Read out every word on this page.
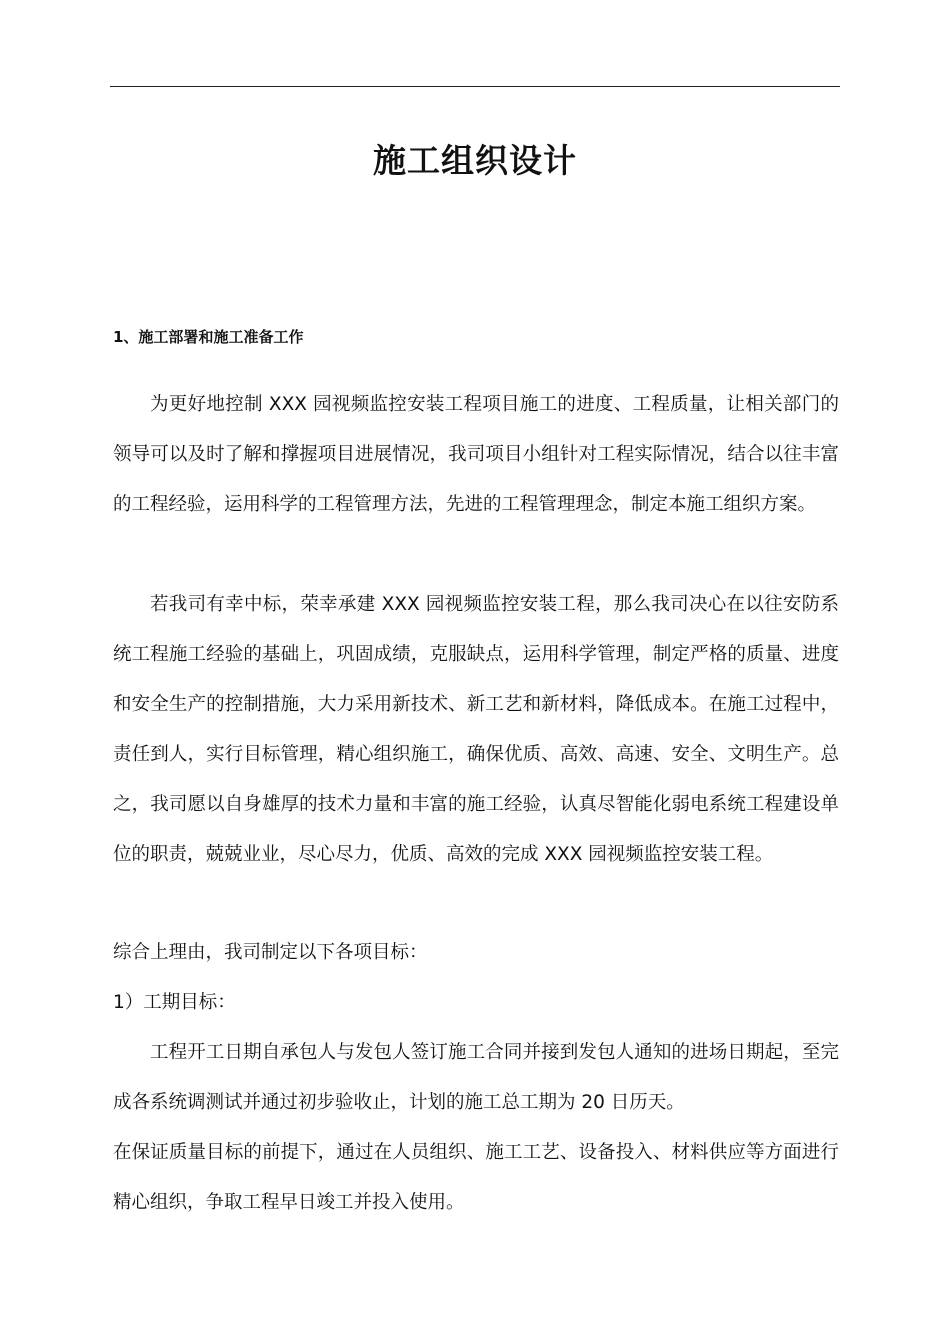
施工组织设计
1、施工部署和施工准备工作

为更好地控制 XXX 园视频监控安装工程项目施工的进度、工程质量，让相关部门的领导可以及时了解和撑握项目进展情况，我司项目小组针对工程实际情况，结合以往丰富的工程经验，运用科学的工程管理方法，先进的工程管理理念，制定本施工组织方案。

若我司有幸中标，荣幸承建 XXX 园视频监控安装工程，那么我司决心在以往安防系统工程施工经验的基础上，巩固成绩，克服缺点，运用科学管理，制定严格的质量、进度和安全生产的控制措施，大力采用新技术、新工艺和新材料，降低成本。在施工过程中，责任到人，实行目标管理，精心组织施工，确保优质、高效、高速、安全、文明生产。总之，我司愿以自身雄厚的技术力量和丰富的施工经验，认真尽智能化弱电系统工程建设单位的职责，兢兢业业，尽心尽力，优质、高效的完成 XXX 园视频监控安装工程。

综合上理由，我司制定以下各项目标：

1）工期目标：

工程开工日期自承包人与发包人签订施工合同并接到发包人通知的进场日期起，至完成各系统调测试并通过初步验收止，计划的施工总工期为 20 日历天。

在保证质量目标的前提下，通过在人员组织、施工工艺、设备投入、材料供应等方面进行精心组织，争取工程早日竣工并投入使用。
